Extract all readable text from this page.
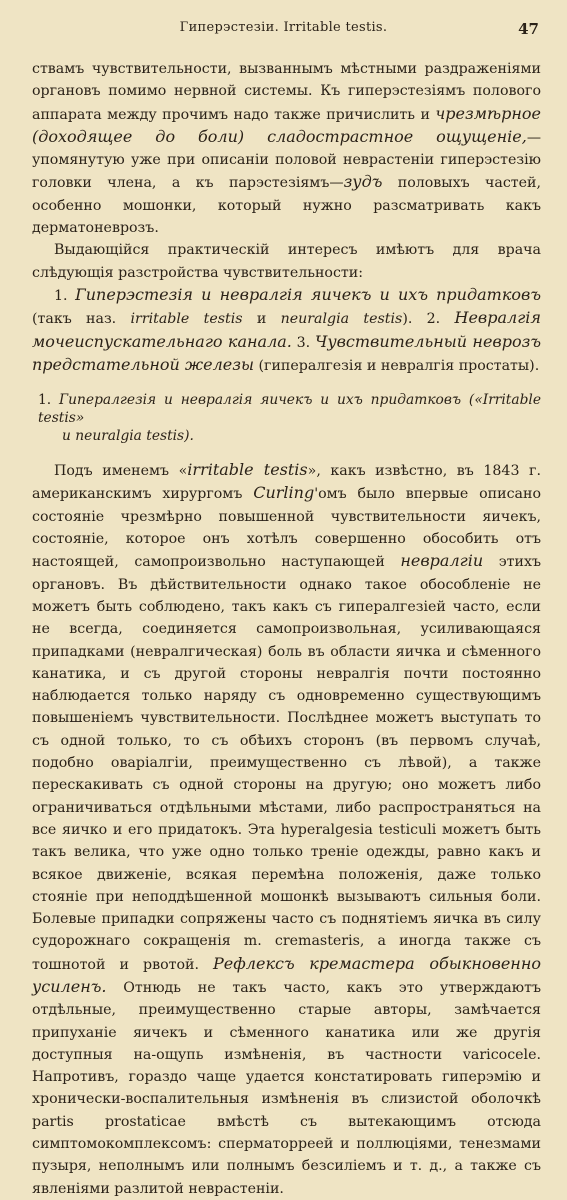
Гиперэстезіи. Irritable testis.	47

ствамъ чувствительности, вызваннымъ мѣстными раздраженіями органовъ помимо нервной системы. Къ гиперэстезіямъ полового аппарата между прочимъ надо также причислить и чрезмѣрное (доходящее до боли) сладострастное ощущеніе,—упомянутую уже при описаніи половой неврастеніи гиперэстезію головки члена, а къ парэстезіямъ—зудъ половыхъ частей, особенно мошонки, который нужно разсматривать какъ дерматоневрозъ.

Выдающійся практическій интересъ имѣютъ для врача слѣдующія разстройства чувствительности:

1. Гиперэстезія и невралгія яичекъ и ихъ придатковъ (такъ наз. irritable testis и neuralgia testis). 2. Невралгія мочеиспускательнаго канала. 3. Чувствительный неврозъ предстательной железы (гипералгезія и невралгія простаты).

1. Гипералгезія и невралгія яичекъ и ихъ придатковъ («Irritable testis»
и neuralgia testis).

Подъ именемъ «irritable testis», какъ извѣстно, въ 1843 г. американскимъ хирургомъ Curling'омъ было впервые описано состояніе чрезмѣрно повышенной чувствительности яичекъ, состояніе, которое онъ хотѣлъ совершенно обособить отъ настоящей, самопроизвольно наступающей невралгіи этихъ органовъ. Въ дѣйствительности однако такое обособленіе не можетъ быть соблюдено, такъ какъ съ гипералгезіей часто, если не всегда, соединяется самопроизвольная, усиливающаяся припадками (невралгическая) боль въ области яичка и сѣменного канатика, и съ другой стороны невралгія почти постоянно наблюдается только наряду съ одновременно существующимъ повышеніемъ чувствительности. Послѣднее можетъ выступать то съ одной только, то съ обѣихъ сторонъ (въ первомъ случаѣ, подобно оваріалгіи, преимущественно съ лѣвой), а также перескакивать съ одной стороны на другую; оно можетъ либо ограничиваться отдѣльными мѣстами, либо распространяться на все яичко и его придатокъ. Эта hyperalgesia testiculi можетъ быть такъ велика, что уже одно только треніе одежды, равно какъ и всякое движеніе, всякая перемѣна положенія, даже только стояніе при неподдѣшенной мошонкѣ вызываютъ сильныя боли. Болевые припадки сопряжены часто съ поднятіемъ яичка въ силу судорожнаго сокращенія m. cremasteris, а иногда также съ тошнотой и рвотой. Рефлексъ кремастера обыкновенно усиленъ. Отнюдь не такъ часто, какъ это утверждаютъ отдѣльные, преимущественно старые авторы, замѣчается припуханіе яичекъ и сѣменного канатика или же другія доступныя на-ощупь измѣненія, въ частности varicocele. Напротивъ, гораздо чаще удается констатировать гиперэмію и хронически-воспалительныя измѣненія въ слизистой оболочкѣ partis prostaticae вмѣстѣ съ вытекающимъ отсюда симптомокомплексомъ: сперматорреей и поллюціями, тенезмами пузыря, неполнымъ или полнымъ безсиліемъ и т. д., а также съ явленіями разлитой неврастеніи.
